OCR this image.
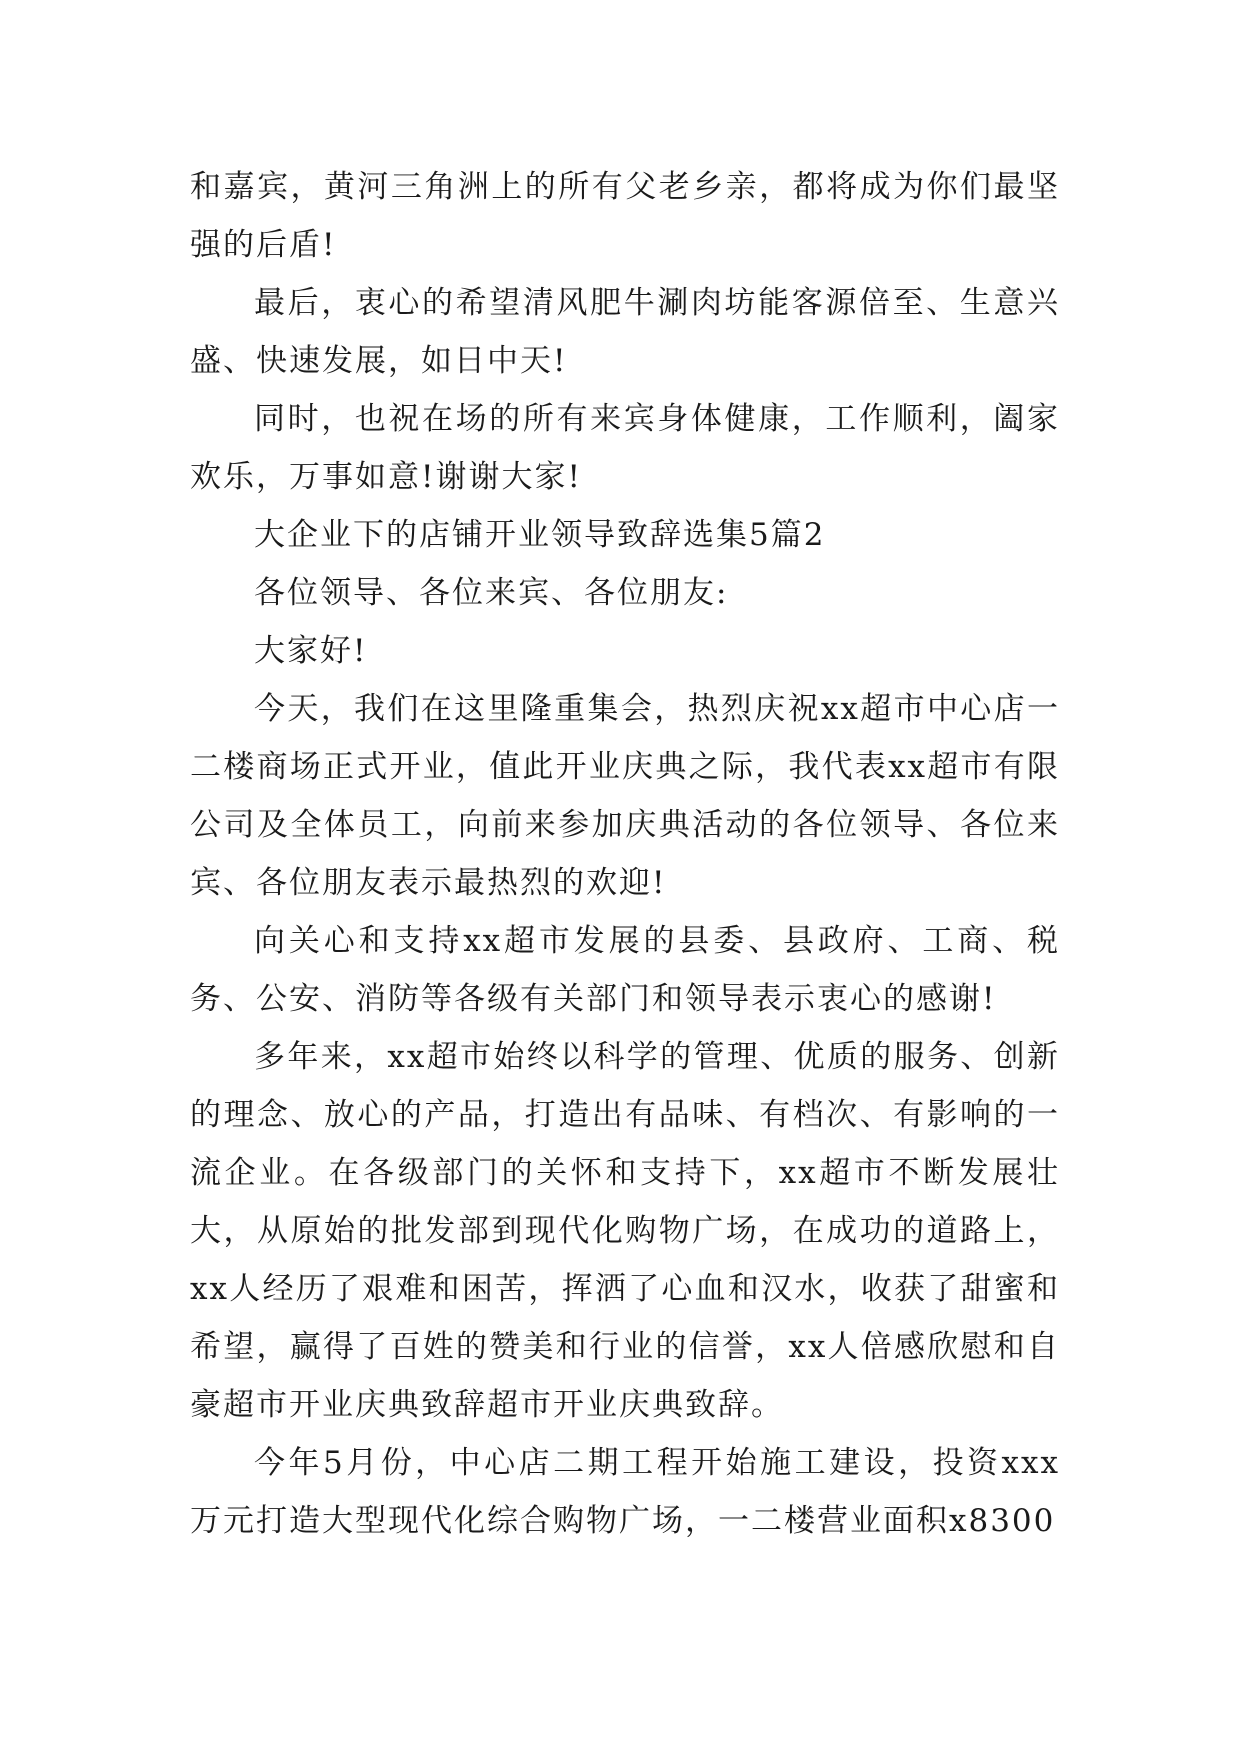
和嘉宾，黄河三角洲上的所有父老乡亲，都将成为你们最坚强的后盾!

最后，衷心的希望清风肥牛涮肉坊能客源倍至、生意兴盛、快速发展，如日中天!

同时，也祝在场的所有来宾身体健康，工作顺利，阖家欢乐，万事如意!谢谢大家!

大企业下的店铺开业领导致辞选集5篇2

各位领导、各位来宾、各位朋友:

大家好!

今天，我们在这里隆重集会，热烈庆祝xx超市中心店一二楼商场正式开业，值此开业庆典之际，我代表xx超市有限公司及全体员工，向前来参加庆典活动的各位领导、各位来宾、各位朋友表示最热烈的欢迎!

向关心和支持xx超市发展的县委、县政府、工商、税务、公安、消防等各级有关部门和领导表示衷心的感谢!

多年来，xx超市始终以科学的管理、优质的服务、创新的理念、放心的产品，打造出有品味、有档次、有影响的一流企业。在各级部门的关怀和支持下，xx超市不断发展壮大，从原始的批发部到现代化购物广场，在成功的道路上，xx人经历了艰难和困苦，挥洒了心血和汉水，收获了甜蜜和希望，赢得了百姓的赞美和行业的信誉，xx人倍感欣慰和自豪超市开业庆典致辞超市开业庆典致辞。

今年5月份，中心店二期工程开始施工建设，投资xxx万元打造大型现代化综合购物广场，一二楼营业面积x8300
